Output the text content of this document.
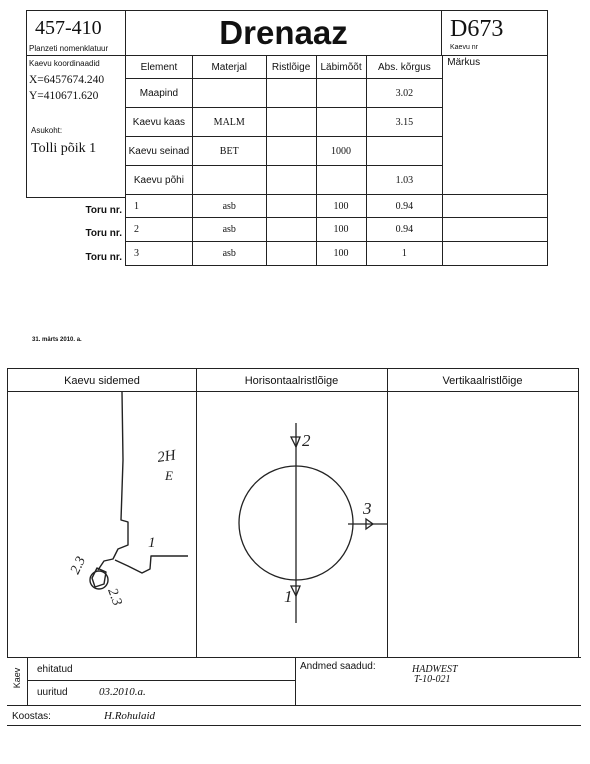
457-410
Planzeti nomenklatuur	Drenaaz	D673
Kaevu nr
Kaevu koordinaadid
X=6457674.240
Y=410671.620
Asukoht:
Tolli põik 1
Toru nr.
Toru nr.
Toru nr.
Element	Materjal	Ristlõige	Läbimõõt	Abs. kõrgus	Märkus

Maapind				3.02	
Kaevu kaas	MALM			3.15	
Kaevu seinad	BET		1000		
Kaevu põhi				1.03	
1	asb		100	0.94	
2	asb		100	0.94	
3	asb		100	1	
31. märts 2010. a.
Kaevu sidemed	Horisontaalristlõige	Vertikaalristlõige
2H
E
1
2.3
2.3
2
3
1
Kaev ehitatud
uuritud	03.2010.a.
Andmed saadud:	HADWEST
T-10-021
Koostas:	H.Rohulaid
